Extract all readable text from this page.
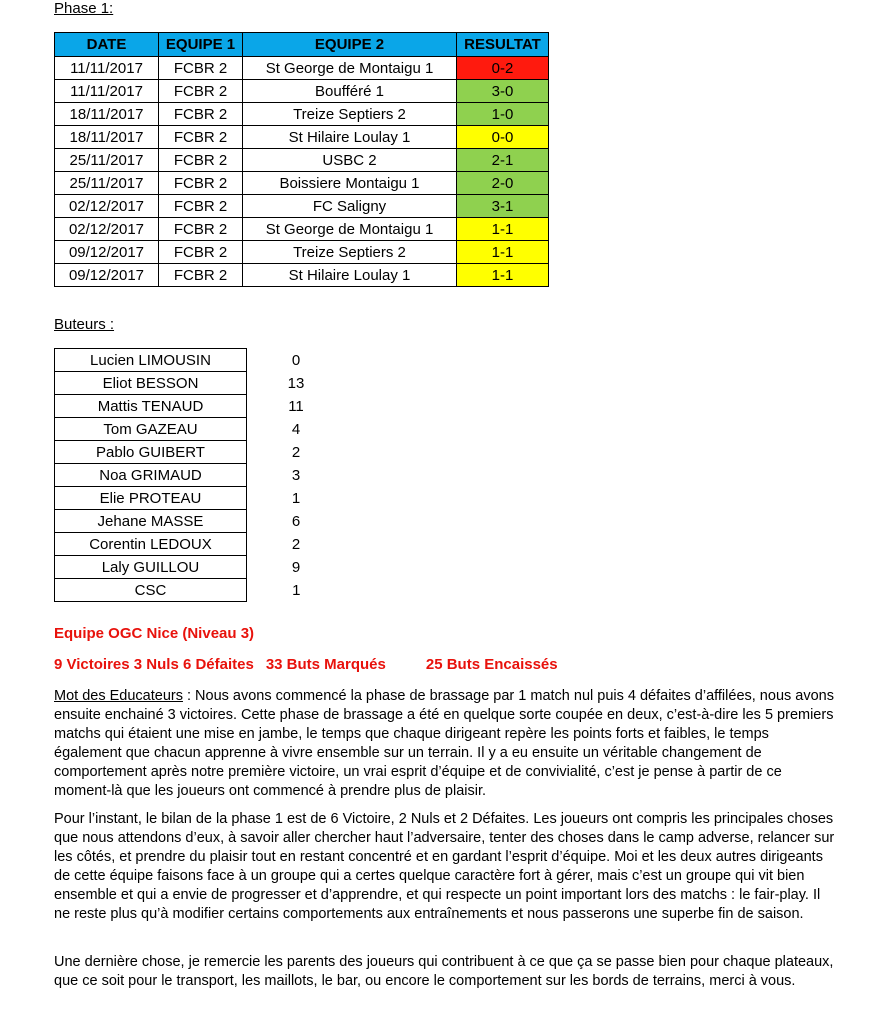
Phase 1:
DATE	EQUIPE 1	EQUIPE 2	RESULTAT
11/11/2017	FCBR 2	St George de Montaigu 1	0-2
11/11/2017	FCBR 2	Boufféré 1	3-0
18/11/2017	FCBR 2	Treize Septiers 2	1-0
18/11/2017	FCBR 2	St Hilaire Loulay 1	0-0
25/11/2017	FCBR 2	USBC 2	2-1
25/11/2017	FCBR 2	Boissiere Montaigu 1	2-0
02/12/2017	FCBR 2	FC Saligny	3-1
02/12/2017	FCBR 2	St George de Montaigu 1	1-1
09/12/2017	FCBR 2	Treize Septiers 2	1-1
09/12/2017	FCBR 2	St Hilaire Loulay 1	1-1
Buteurs :
Lucien LIMOUSIN	0
Eliot BESSON	13
Mattis TENAUD	11
Tom GAZEAU	4
Pablo GUIBERT	2
Noa GRIMAUD	3
Elie PROTEAU	1
Jehane MASSE	6
Corentin LEDOUX	2
Laly GUILLOU	9
CSC	1
Equipe OGC Nice (Niveau 3)
9 Victoires 3 Nuls 6 Défaites 33 Buts Marqués	25 Buts Encaissés
Mot des Educateurs : Nous avons commencé la phase de brassage par 1 match nul puis 4 défaites d’affilées, nous avons ensuite enchainé 3 victoires. Cette phase de brassage a été en quelque sorte coupée en deux, c’est-à-dire les 5 premiers matchs qui étaient une mise en jambe, le temps que chaque dirigeant repère les points forts et faibles, le temps également que chacun apprenne à vivre ensemble sur un terrain. Il y a eu ensuite un véritable changement de comportement après notre première victoire, un vrai esprit d’équipe et de convivialité, c’est je pense à partir de ce moment-là que les joueurs ont commencé à prendre plus de plaisir.
Pour l’instant, le bilan de la phase 1 est de 6 Victoire, 2 Nuls et 2 Défaites. Les joueurs ont compris les principales choses que nous attendons d’eux, à savoir aller chercher haut l’adversaire, tenter des choses dans le camp adverse, relancer sur les côtés, et prendre du plaisir tout en restant concentré et en gardant l’esprit d’équipe. Moi et les deux autres dirigeants de cette équipe faisons face à un groupe qui a certes quelque caractère fort à gérer, mais c’est un groupe qui vit bien ensemble et qui a envie de progresser et d’apprendre, et qui respecte un point important lors des matchs : le fair-play. Il ne reste plus qu’à modifier certains comportements aux entraînements et nous passerons une superbe fin de saison.
Une dernière chose, je remercie les parents des joueurs qui contribuent à ce que ça se passe bien pour chaque plateaux, que ce soit pour le transport, les maillots, le bar, ou encore le comportement sur les bords de terrains, merci à vous.
